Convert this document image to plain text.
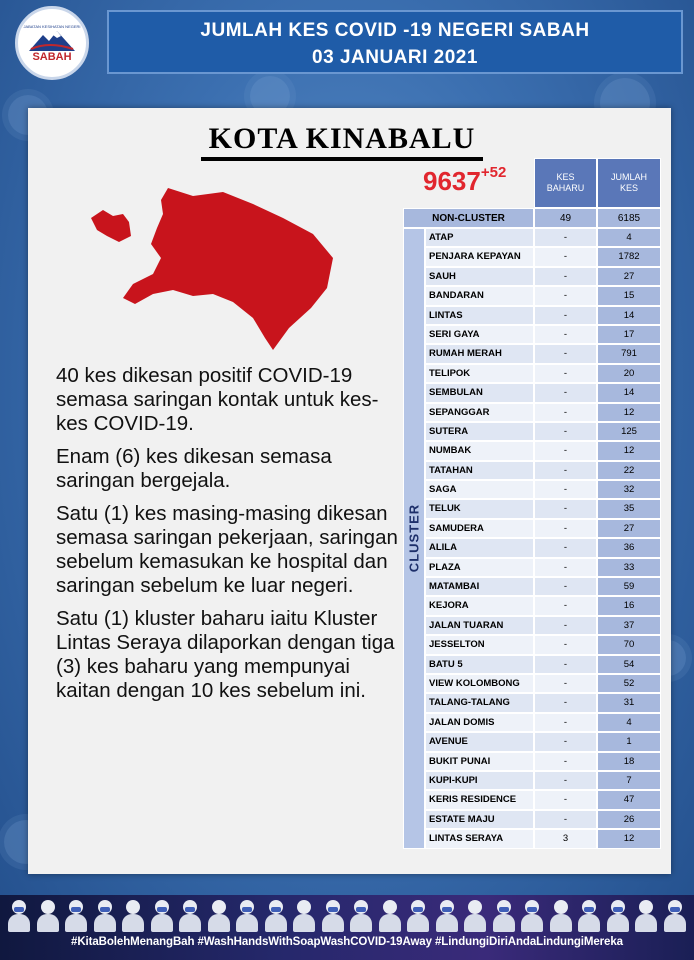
JABATAN KESIHATAN NEGERI
SABAH
JUMLAH KES COVID -19 NEGERI SABAH
03 JANUARI 2021
KOTA KINABALU
$9637^{+52}$

40 kes dikesan positif COVID-19 semasa saringan kontak untuk kes-kes COVID-19.

Enam (6) kes dikesan semasa saringan bergejala.

Satu (1) kes masing-masing dikesan semasa saringan pekerjaan, saringan sebelum kemasukan ke hospital dan saringan sebelum ke luar negeri.

Satu (1) kluster baharu iaitu Kluster Lintas Seraya dilaporkan dengan tiga (3) kes baharu yang mempunyai kaitan dengan 10 kes sebelum ini.

KES BAHARU
JUMLAH KES
NON-CLUSTER	49	6185
CLUSTER
ATAP	-	4
PENJARA KEPAYAN	-	1782
SAUH	-	27
BANDARAN	-	15
LINTAS	-	14
SERI GAYA	-	17
RUMAH MERAH	-	791
TELIPOK	-	20
SEMBULAN	-	14
SEPANGGAR	-	12
SUTERA	-	125
NUMBAK	-	12
TATAHAN	-	22
SAGA	-	32
TELUK	-	35
SAMUDERA	-	27
ALILA	-	36
PLAZA	-	33
MATAMBAI	-	59
KEJORA	-	16
JALAN TUARAN	-	37
JESSELTON	-	70
BATU 5	-	54
VIEW KOLOMBONG	-	52
TALANG-TALANG	-	31
JALAN DOMIS	-	4
AVENUE	-	1
BUKIT PUNAI	-	18
KUPI-KUPI	-	7
KERIS RESIDENCE	-	47
ESTATE MAJU	-	26
LINTAS SERAYA	3	12
#KitaBolehMenangBah #WashHandsWithSoapWashCOVID-19Away #LindungiDiriAndaLindungiMereka
